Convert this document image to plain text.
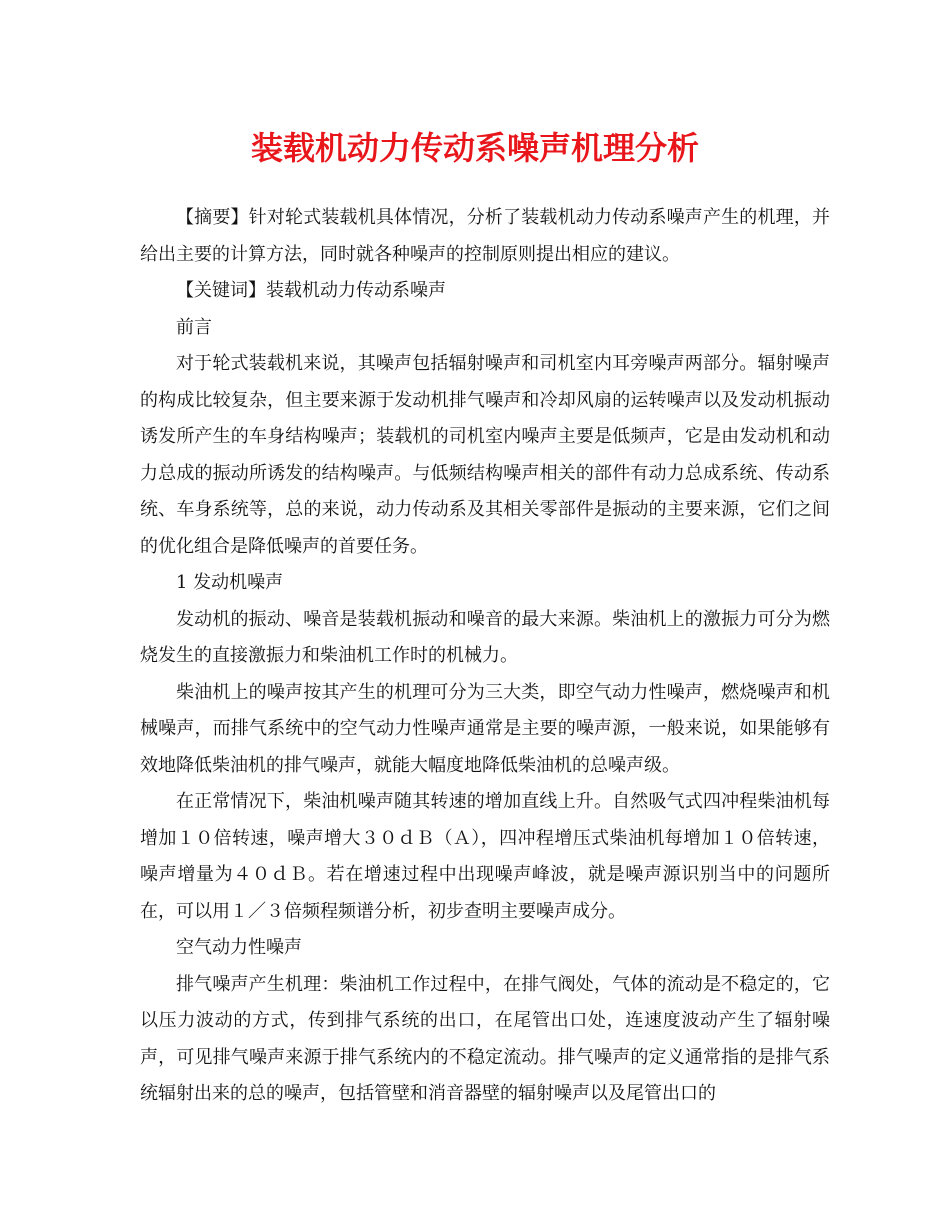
装载机动力传动系噪声机理分析

【摘要】针对轮式装载机具体情况，分析了装载机动力传动系噪声产生的机理，并给出主要的计算方法，同时就各种噪声的控制原则提出相应的建议。

【关键词】装载机动力传动系噪声

前言

对于轮式装载机来说，其噪声包括辐射噪声和司机室内耳旁噪声两部分。辐射噪声的构成比较复杂，但主要来源于发动机排气噪声和冷却风扇的运转噪声以及发动机振动诱发所产生的车身结构噪声；装载机的司机室内噪声主要是低频声，它是由发动机和动力总成的振动所诱发的结构噪声。与低频结构噪声相关的部件有动力总成系统、传动系统、车身系统等，总的来说，动力传动系及其相关零部件是振动的主要来源，它们之间的优化组合是降低噪声的首要任务。

1 发动机噪声

发动机的振动、噪音是装载机振动和噪音的最大来源。柴油机上的激振力可分为燃烧发生的直接激振力和柴油机工作时的机械力。

柴油机上的噪声按其产生的机理可分为三大类，即空气动力性噪声，燃烧噪声和机械噪声，而排气系统中的空气动力性噪声通常是主要的噪声源，一般来说，如果能够有效地降低柴油机的排气噪声，就能大幅度地降低柴油机的总噪声级。

在正常情况下，柴油机噪声随其转速的增加直线上升。自然吸气式四冲程柴油机每增加１０倍转速，噪声增大３０ｄＢ（Ａ），四冲程增压式柴油机每增加１０倍转速，噪声增量为４０ｄＢ。若在增速过程中出现噪声峰波，就是噪声源识别当中的问题所在，可以用１／３倍频程频谱分析，初步查明主要噪声成分。

空气动力性噪声

排气噪声产生机理：柴油机工作过程中，在排气阀处，气体的流动是不稳定的，它以压力波动的方式，传到排气系统的出口，在尾管出口处，连速度波动产生了辐射噪声，可见排气噪声来源于排气系统内的不稳定流动。排气噪声的定义通常指的是排气系统辐射出来的总的噪声，包括管壁和消音器壁的辐射噪声以及尾管出口的
